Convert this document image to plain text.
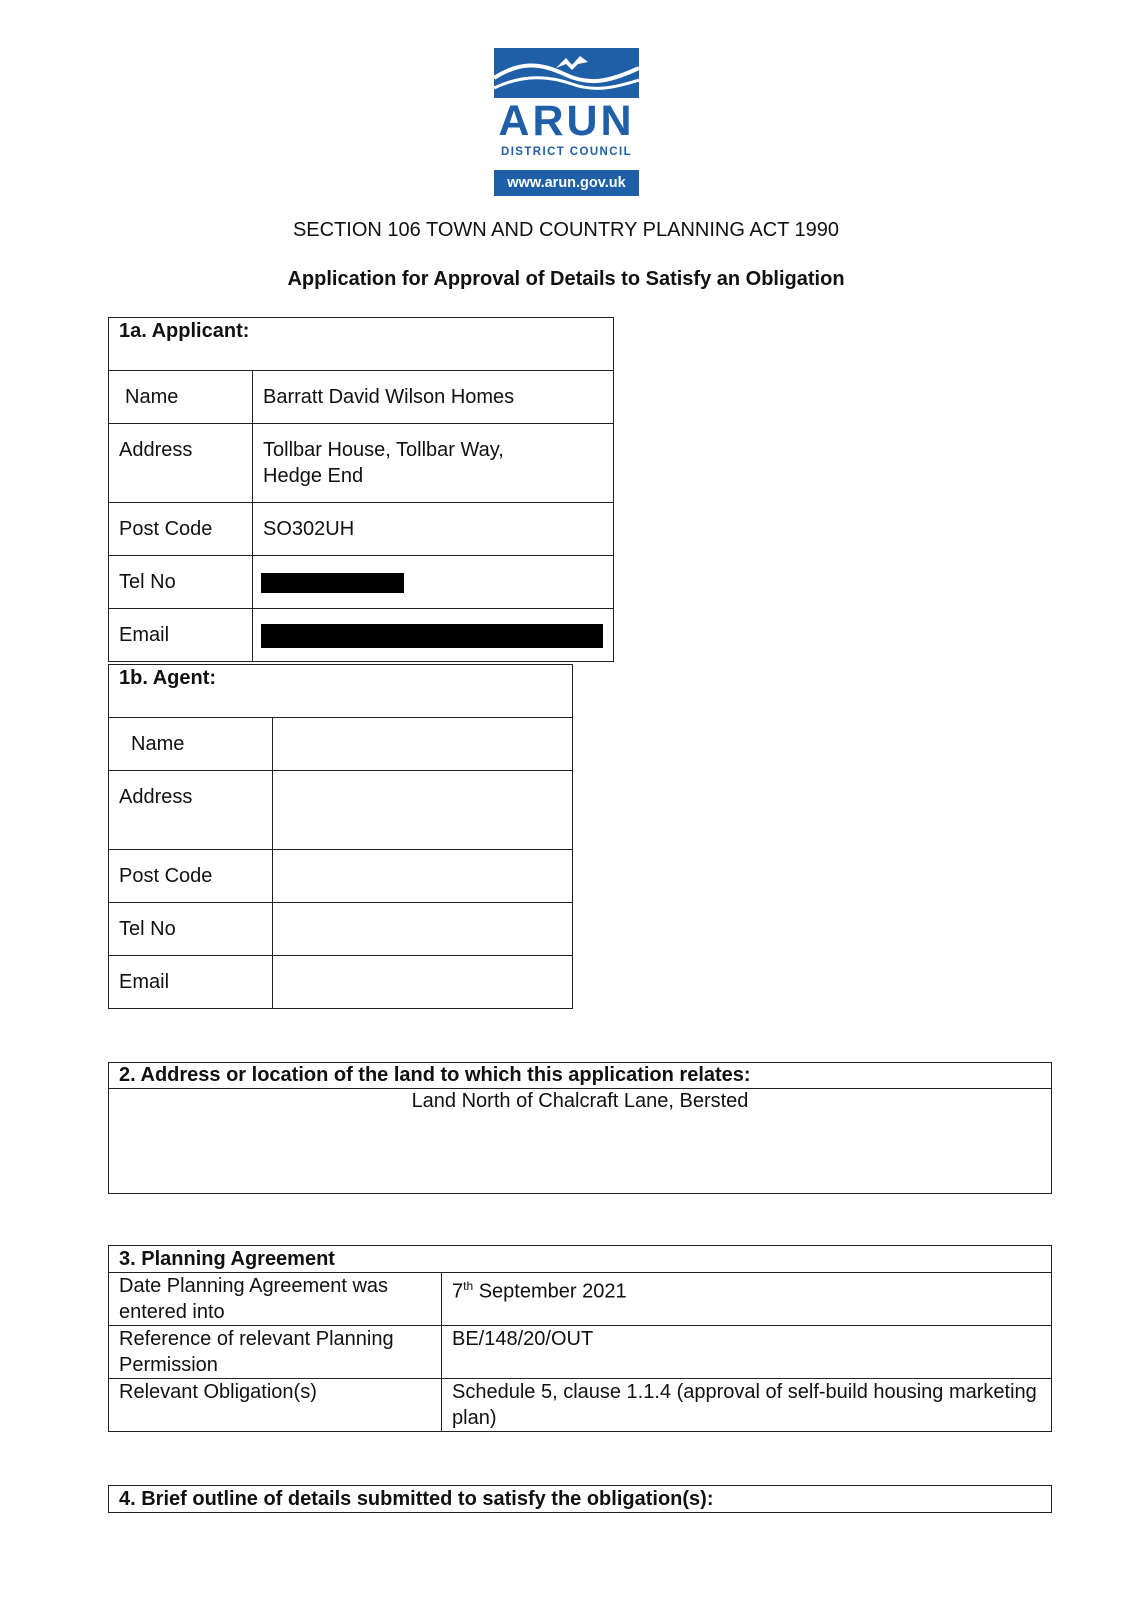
ARUN
DISTRICT COUNCIL
www.arun.gov.uk
SECTION 106 TOWN AND COUNTRY PLANNING ACT 1990
Application for Approval of Details to Satisfy an Obligation
1a. Applicant:	
Name	Barratt David Wilson Homes
Address	Tollbar House, Tollbar Way,
Hedge End

Post Code	SO302UH
Tel No	
Email	
1b. Agent:	
Name	
Address	
Post Code	
Tel No	
Email	
2. Address or location of the land to which this application relates:
Land North of Chalcraft Lane, Bersted
3. Planning Agreement	
Date Planning Agreement was entered into	7th September 2021
Reference of relevant Planning Permission	BE/148/20/OUT
Relevant Obligation(s)	Schedule 5, clause 1.1.4 (approval of self-build housing marketing plan)
4. Brief outline of details submitted to satisfy the obligation(s):
